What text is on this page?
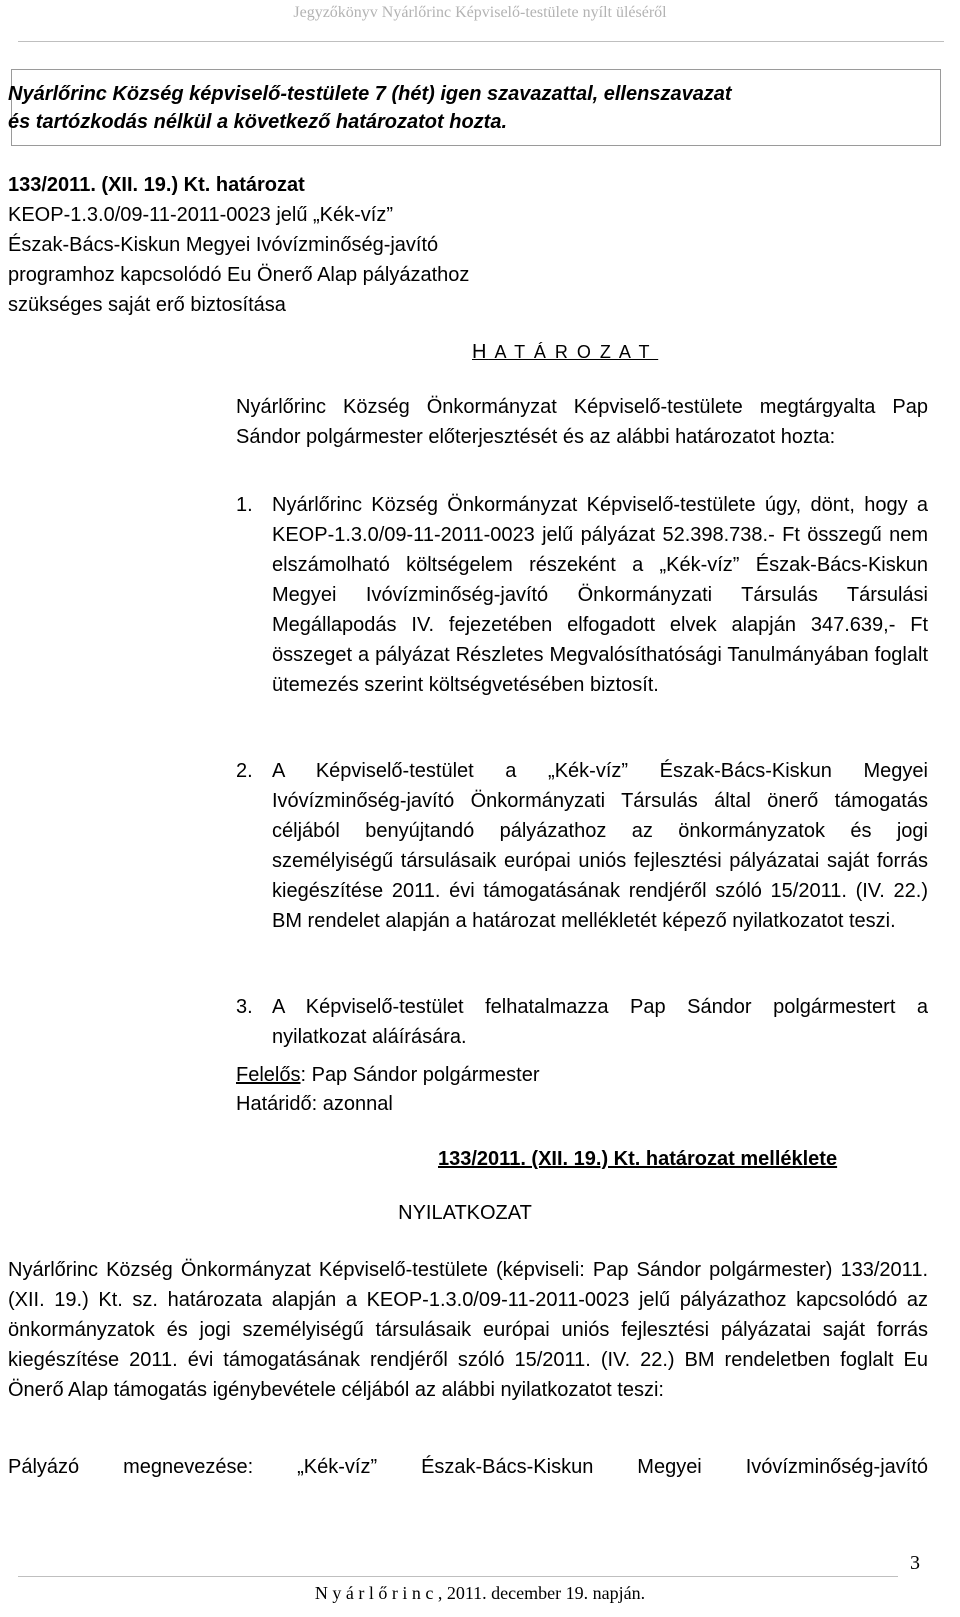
Jegyzőkönyv Nyárlőrinc Képviselő-testülete nyílt üléséről
Nyárlőrinc Község képviselő-testülete 7 (hét) igen szavazattal, ellenszavazat
és tartózkodás nélkül a következő határozatot hozta.
133/2011. (XII. 19.) Kt. határozat
KEOP-1.3.0/09-11-2011-0023 jelű „Kék-víz”
Észak-Bács-Kiskun Megyei Ivóvízminőség-javító
programhoz kapcsolódó Eu Önerő Alap pályázathoz
szükséges saját erő biztosítása
H A T Á R O Z A T
Nyárlőrinc Község Önkormányzat Képviselő-testülete megtárgyalta Pap Sándor polgármester előterjesztését és az alábbi határozatot hozta:
1. Nyárlőrinc Község Önkormányzat Képviselő-testülete úgy, dönt, hogy a KEOP-1.3.0/09-11-2011-0023 jelű pályázat 52.398.738.- Ft összegű nem elszámolható költségelem részeként a „Kék-víz” Észak-Bács-Kiskun Megyei Ivóvízminőség-javító Önkormányzati Társulás Társulási Megállapodás IV. fejezetében elfogadott elvek alapján 347.639,- Ft összeget a pályázat Részletes Megvalósíthatósági Tanulmányában foglalt ütemezés szerint költségvetésében biztosít.
2. A Képviselő-testület a „Kék-víz” Észak-Bács-Kiskun Megyei Ivóvízminőség-javító Önkormányzati Társulás által önerő támogatás céljából benyújtandó pályázathoz az önkormányzatok és jogi személyiségű társulásaik európai uniós fejlesztési pályázatai saját forrás kiegészítése 2011. évi támogatásának rendjéről szóló 15/2011. (IV. 22.) BM rendelet alapján a határozat mellékletét képező nyilatkozatot teszi.
3. A Képviselő-testület felhatalmazza Pap Sándor polgármestert a nyilatkozat aláírására.
Felelős: Pap Sándor polgármester
Határidő: azonnal
133/2011. (XII. 19.) Kt. határozat melléklete
NYILATKOZAT
Nyárlőrinc Község Önkormányzat Képviselő-testülete (képviseli: Pap Sándor polgármester) 133/2011. (XII. 19.) Kt. sz. határozata alapján a KEOP-1.3.0/09-11-2011-0023 jelű pályázathoz kapcsolódó az önkormányzatok és jogi személyiségű társulásaik európai uniós fejlesztési pályázatai saját forrás kiegészítése 2011. évi támogatásának rendjéről szóló 15/2011. (IV. 22.) BM rendeletben foglalt Eu Önerő Alap támogatás igénybevétele céljából az alábbi nyilatkozatot teszi:
Pályázó megnevezése: „Kék-víz” Észak-Bács-Kiskun Megyei Ivóvízminőség-javító
3
N y á r l ő r i n c , 2011. december 19. napján.
